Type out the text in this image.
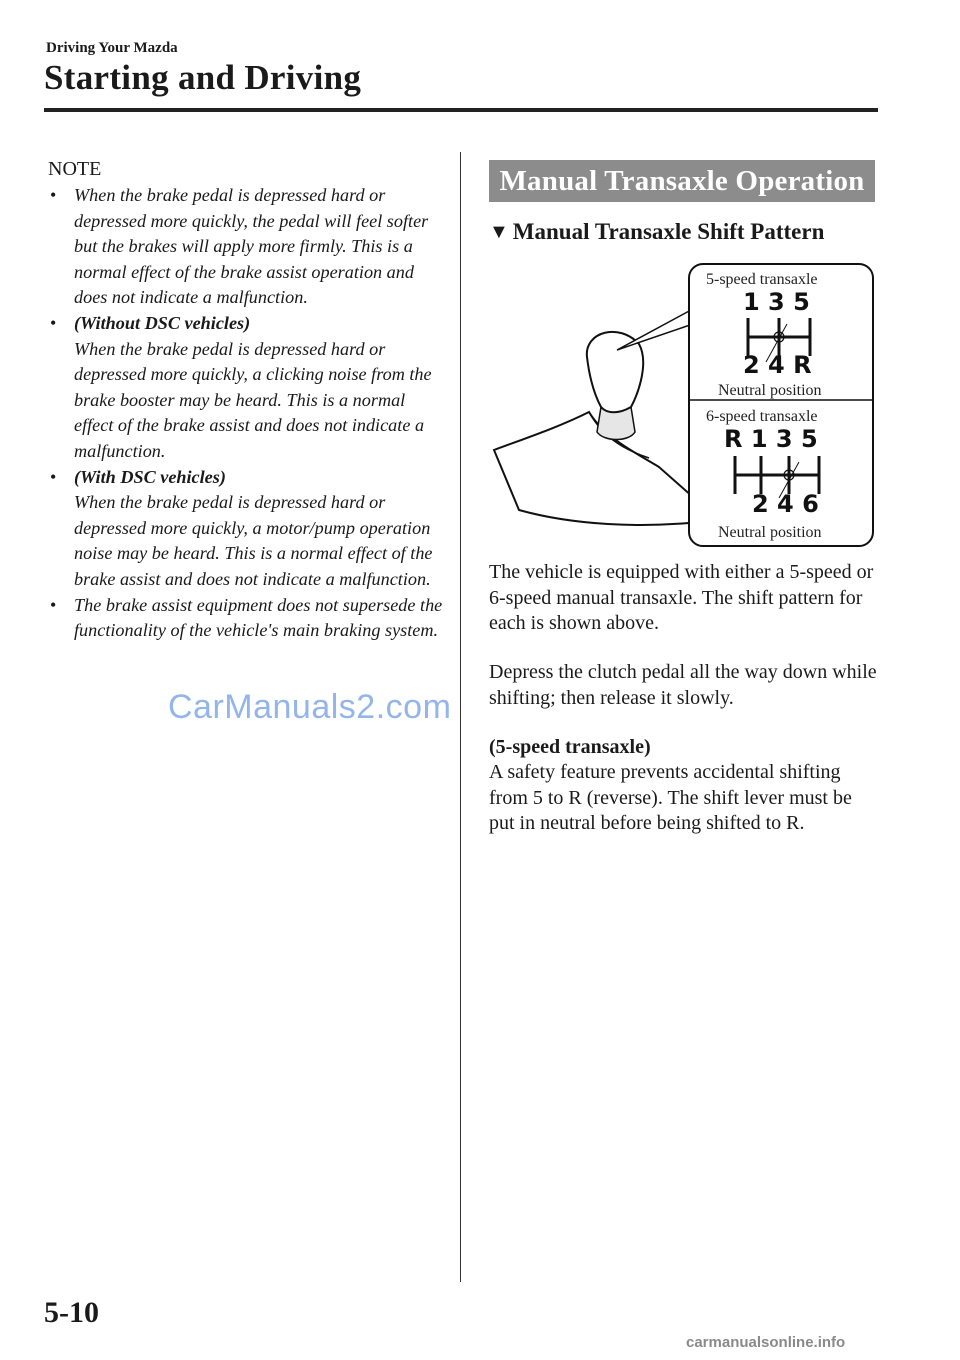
Driving Your Mazda
Starting and Driving
NOTE
• When the brake pedal is depressed hard or depressed more quickly, the pedal will feel softer but the brakes will apply more firmly. This is a normal effect of the brake assist operation and does not indicate a malfunction.
• (Without DSC vehicles)
When the brake pedal is depressed hard or depressed more quickly, a clicking noise from the brake booster may be heard. This is a normal effect of the brake assist and does not indicate a malfunction.
• (With DSC vehicles)
When the brake pedal is depressed hard or depressed more quickly, a motor/pump operation noise may be heard. This is a normal effect of the brake assist and does not indicate a malfunction.
• The brake assist equipment does not supersede the functionality of the vehicle's main braking system.
Manual Transaxle Operation
▼ Manual Transaxle Shift Pattern
5-speed transaxle
1 3 5
2 4 R
Neutral position
6-speed transaxle
R 1 3 5
2 4 6
Neutral position
The vehicle is equipped with either a 5-speed or 6-speed manual transaxle. The shift pattern for each is shown above.
Depress the clutch pedal all the way down while shifting; then release it slowly.
(5-speed transaxle)
A safety feature prevents accidental shifting from 5 to R (reverse). The shift lever must be put in neutral before being shifted to R.
CarManuals2.com
5-10
carmanualsonline.info
